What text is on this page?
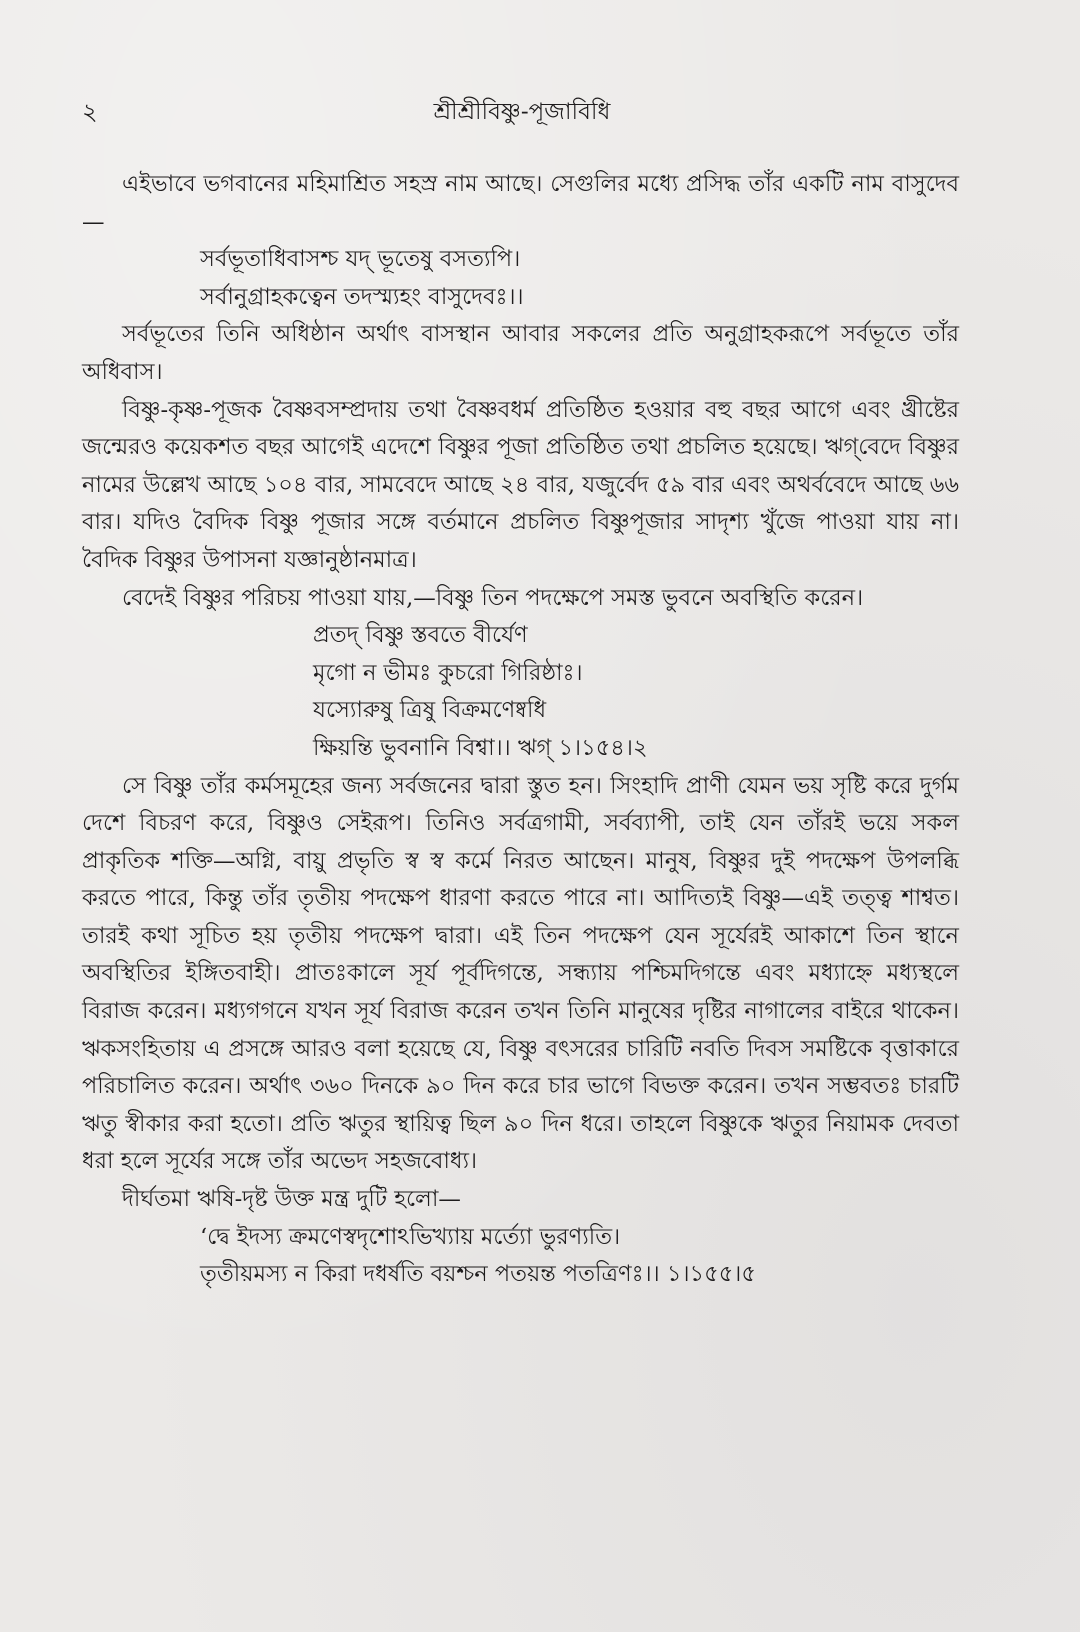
২	শ্রীশ্রীবিষ্ণু-পূজাবিধি

এইভাবে ভগবানের মহিমাশ্রিত সহস্র নাম আছে। সেগুলির মধ্যে প্রসিদ্ধ তাঁর একটি নাম বাসুদেব—

সর্বভূতাধিবাসশ্চ যদ্ ভূতেষু বসত্যপি।
সর্বানুগ্রাহকত্বেন তদস্ম্যহং বাসুদেবঃ।।

সর্বভূতের তিনি অধিষ্ঠান অর্থাৎ বাসস্থান আবার সকলের প্রতি অনুগ্রাহকরূপে সর্বভূতে তাঁর অধিবাস।

বিষ্ণু-কৃষ্ণ-পূজক বৈষ্ণবসম্প্রদায় তথা বৈষ্ণবধর্ম প্রতিষ্ঠিত হওয়ার বহু বছর আগে এবং খ্রীষ্টের জন্মেরও কয়েকশত বছর আগেই এদেশে বিষ্ণুর পূজা প্রতিষ্ঠিত তথা প্রচলিত হয়েছে। ঋগ্‌বেদে বিষ্ণুর নামের উল্লেখ আছে ১০৪ বার, সামবেদে আছে ২৪ বার, যজুর্বেদ ৫৯ বার এবং অথর্ববেদে আছে ৬৬ বার। যদিও বৈদিক বিষ্ণু পূজার সঙ্গে বর্তমানে প্রচলিত বিষ্ণুপূজার সাদৃশ্য খুঁজে পাওয়া যায় না। বৈদিক বিষ্ণুর উপাসনা যজ্ঞানুষ্ঠানমাত্র।

বেদেই বিষ্ণুর পরিচয় পাওয়া যায়,—বিষ্ণু তিন পদক্ষেপে সমস্ত ভুবনে অবস্থিতি করেন।

প্রতদ্ বিষ্ণু স্তবতে বীর্যেণ
মৃগো ন ভীমঃ কুচরো গিরিষ্ঠাঃ।
যস্যোরুষু ত্রিষু বিক্রমণেষ্বধি
ক্ষিয়ন্তি ভুবনানি বিশ্বা।। ঋগ্ ১।১৫৪।২

সে বিষ্ণু তাঁর কর্মসমূহের জন্য সর্বজনের দ্বারা স্তুত হন। সিংহাদি প্রাণী যেমন ভয় সৃষ্টি করে দুর্গম দেশে বিচরণ করে, বিষ্ণুও সেইরূপ। তিনিও সর্বত্রগামী, সর্বব্যাপী, তাই যেন তাঁরই ভয়ে সকল প্রাকৃতিক শক্তি—অগ্নি, বায়ু প্রভৃতি স্ব স্ব কর্মে নিরত আছেন। মানুষ, বিষ্ণুর দুই পদক্ষেপ উপলব্ধি করতে পারে, কিন্তু তাঁর তৃতীয় পদক্ষেপ ধারণা করতে পারে না। আদিত্যই বিষ্ণু—এই তত্ত্ব শাশ্বত। তারই কথা সূচিত হয় তৃতীয় পদক্ষেপ দ্বারা। এই তিন পদক্ষেপ যেন সূর্যেরই আকাশে তিন স্থানে অবস্থিতির ইঙ্গিতবাহী। প্রাতঃকালে সূর্য পূর্বদিগন্তে, সন্ধ্যায় পশ্চিমদিগন্তে এবং মধ্যাহ্নে মধ্যস্থলে বিরাজ করেন। মধ্যগগনে যখন সূর্য বিরাজ করেন তখন তিনি মানুষের দৃষ্টির নাগালের বাইরে থাকেন। ঋকসংহিতায় এ প্রসঙ্গে আরও বলা হয়েছে যে, বিষ্ণু বৎসরের চারিটি নবতি দিবস সমষ্টিকে বৃত্তাকারে পরিচালিত করেন। অর্থাৎ ৩৬০ দিনকে ৯০ দিন করে চার ভাগে বিভক্ত করেন। তখন সম্ভবতঃ চারটি ঋতু স্বীকার করা হতো। প্রতি ঋতুর স্থায়িত্ব ছিল ৯০ দিন ধরে। তাহলে বিষ্ণুকে ঋতুর নিয়ামক দেবতা ধরা হলে সূর্যের সঙ্গে তাঁর অভেদ সহজবোধ্য।

দীর্ঘতমা ঋষি-দৃষ্ট উক্ত মন্ত্র দুটি হলো—

‘দ্বে ইদস্য ক্রমণেস্বদৃশোঽভিখ্যায় মর্ত্যো ভুরণ্যতি।
তৃতীয়মস্য ন কিরা দধর্ষতি বয়শ্চন পতয়ন্ত পতত্রিণঃ।। ১।১৫৫।৫
